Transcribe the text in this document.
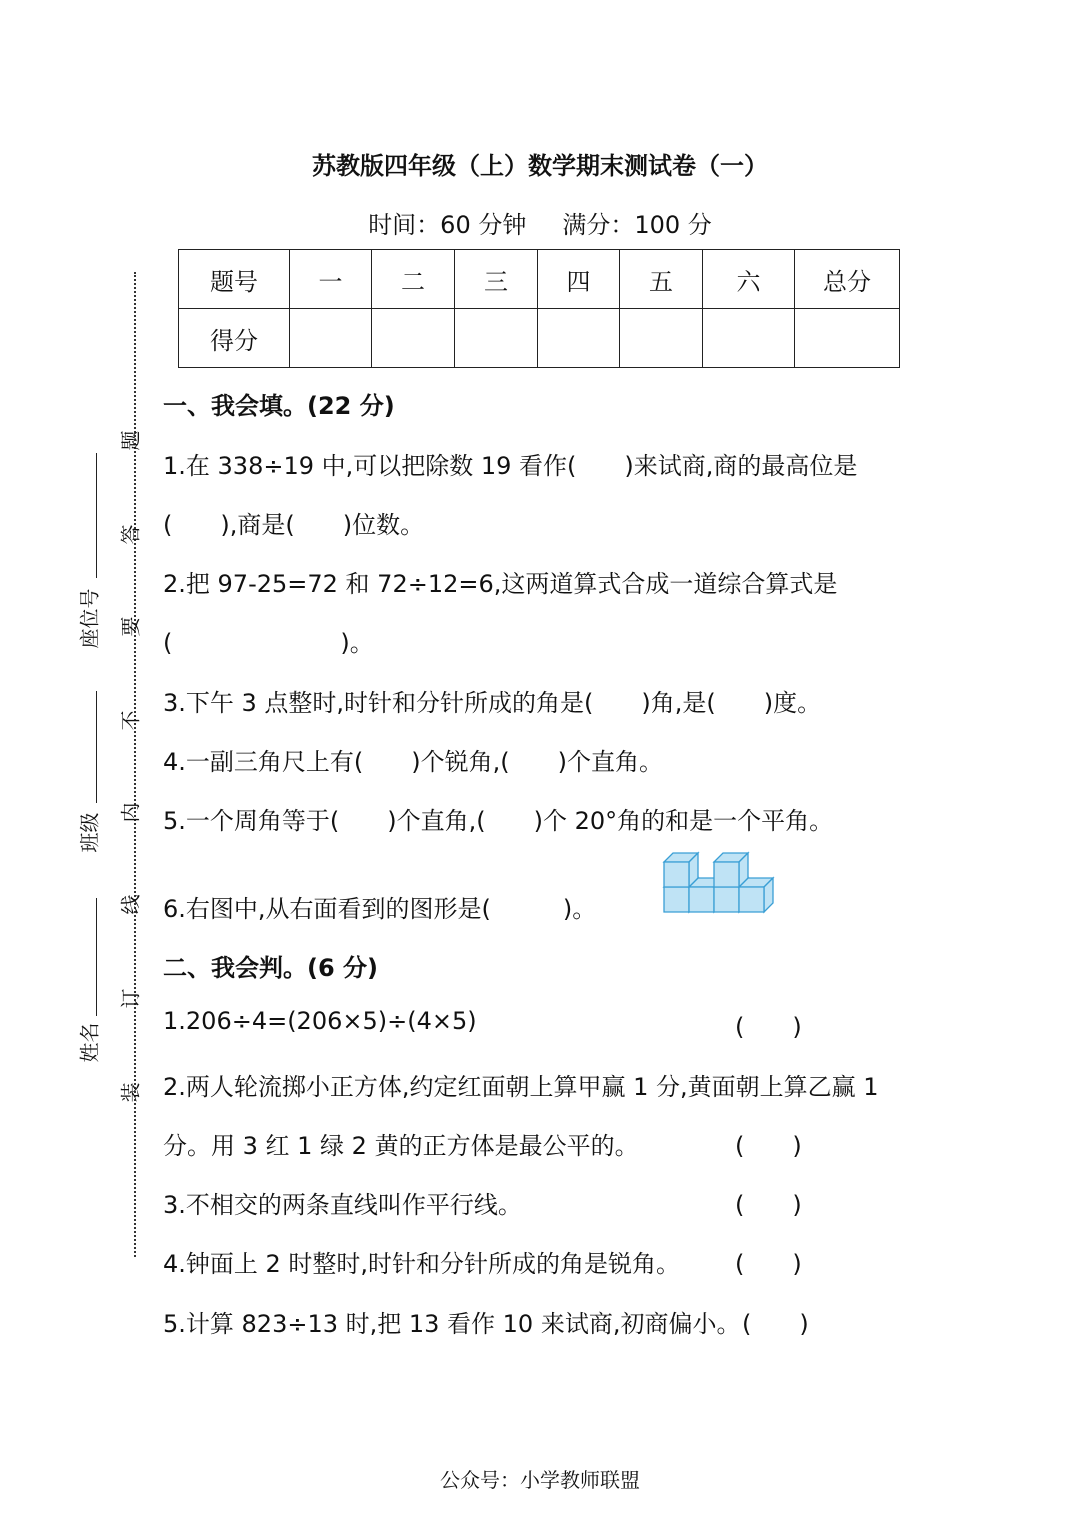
苏教版四年级（上）数学期末测试卷（一）
时间：60 分钟 满分：100 分
题号	一	二	三	四	五	六	总分
得分							
题
答
要
不
内
线
订
装
座位号
班级
姓名
一、我会填。(22 分)
1.在 338÷19 中,可以把除数 19 看作(　　)来试商,商的最高位是
(　　),商是(　　)位数。
2.把 97-25=72 和 72÷12=6,这两道算式合成一道综合算式是
(　　　　　　　)。
3.下午 3 点整时,时针和分针所成的角是(　　)角,是(　　)度。
4.一副三角尺上有(　　)个锐角,(　　)个直角。
5.一个周角等于(　　)个直角,(　　)个 20°角的和是一个平角。
6.右图中,从右面看到的图形是(　　　)。
二、我会判。(6 分)
1.206÷4=(206×5)÷(4×5)	(　　)
2.两人轮流掷小正方体,约定红面朝上算甲赢 1 分,黄面朝上算乙赢 1
分。用 3 红 1 绿 2 黄的正方体是最公平的。	(　　)
3.不相交的两条直线叫作平行线。	(　　)
4.钟面上 2 时整时,时针和分针所成的角是锐角。 (　　)
5.计算 823÷13 时,把 13 看作 10 来试商,初商偏小。 (　　)
公众号：小学教师联盟
